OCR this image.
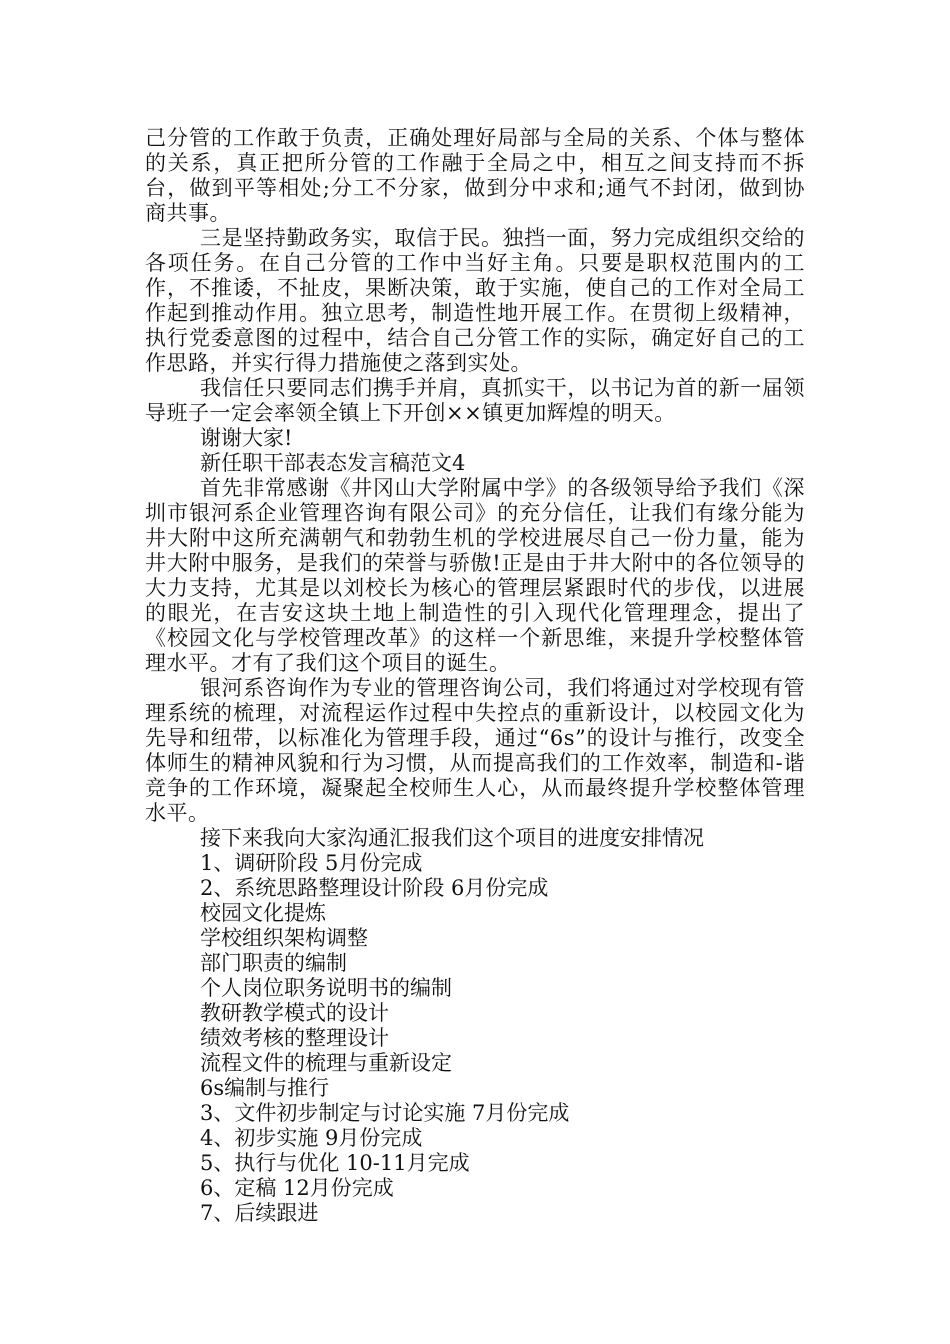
己分管的工作敢于负责，正确处理好局部与全局的关系、个体与整体的关系，真正把所分管的工作融于全局之中，相互之间支持而不拆台，做到平等相处;分工不分家，做到分中求和;通气不封闭，做到协商共事。

三是坚持勤政务实，取信于民。独挡一面，努力完成组织交给的各项任务。在自己分管的工作中当好主角。只要是职权范围内的工作，不推诿，不扯皮，果断决策，敢于实施，使自己的工作对全局工作起到推动作用。独立思考，制造性地开展工作。在贯彻上级精神，执行党委意图的过程中，结合自己分管工作的实际，确定好自己的工作思路，并实行得力措施使之落到实处。

我信任只要同志们携手并肩，真抓实干，以书记为首的新一届领导班子一定会率领全镇上下开创××镇更加辉煌的明天。

谢谢大家!

新任职干部表态发言稿范文4

首先非常感谢《井冈山大学附属中学》的各级领导给予我们《深圳市银河系企业管理咨询有限公司》的充分信任，让我们有缘分能为井大附中这所充满朝气和勃勃生机的学校进展尽自己一份力量，能为井大附中服务，是我们的荣誉与骄傲!正是由于井大附中的各位领导的大力支持，尤其是以刘校长为核心的管理层紧跟时代的步伐，以进展的眼光，在吉安这块土地上制造性的引入现代化管理理念，提出了《校园文化与学校管理改革》的这样一个新思维，来提升学校整体管理水平。才有了我们这个项目的诞生。

银河系咨询作为专业的管理咨询公司，我们将通过对学校现有管理系统的梳理，对流程运作过程中失控点的重新设计，以校园文化为先导和纽带，以标准化为管理手段，通过“6s”的设计与推行，改变全体师生的精神风貌和行为习惯，从而提高我们的工作效率，制造和-谐竞争的工作环境，凝聚起全校师生人心，从而最终提升学校整体管理水平。

接下来我向大家沟通汇报我们这个项目的进度安排情况

1、调研阶段 5月份完成

2、系统思路整理设计阶段 6月份完成

校园文化提炼

学校组织架构调整

部门职责的编制

个人岗位职务说明书的编制

教研教学模式的设计

绩效考核的整理设计

流程文件的梳理与重新设定

6s编制与推行

3、文件初步制定与讨论实施 7月份完成

4、初步实施 9月份完成

5、执行与优化 10-11月完成

6、定稿 12月份完成

7、后续跟进
